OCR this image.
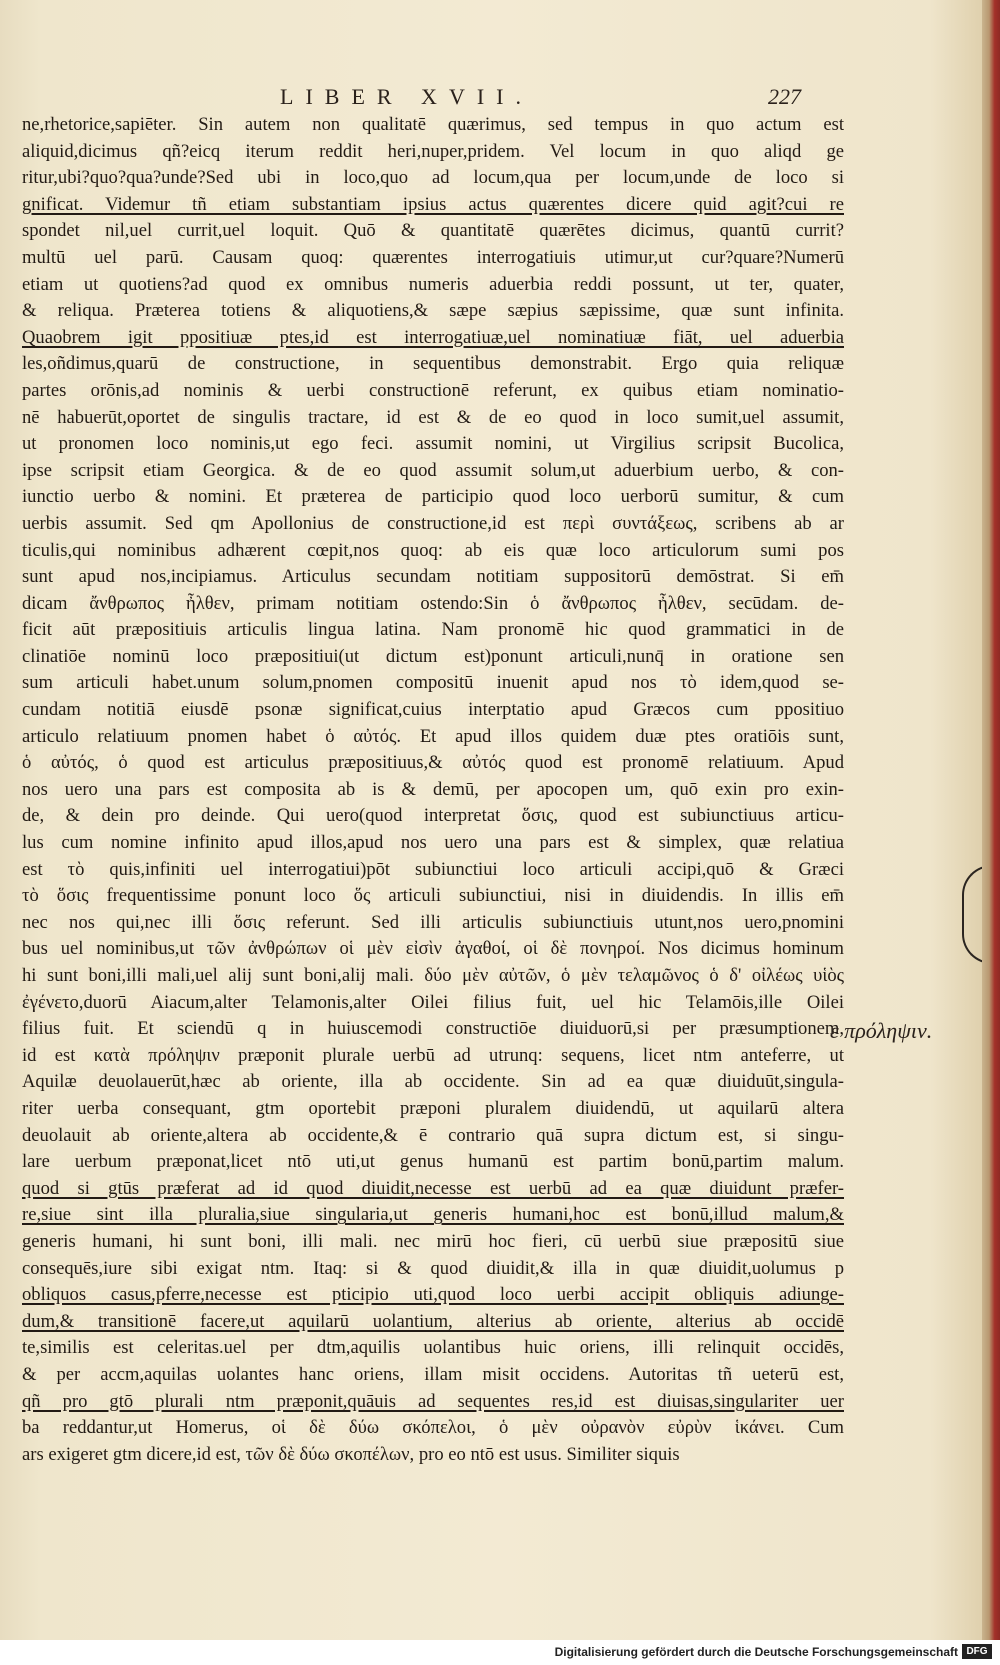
LIBER XVII.	227
ne,rhetorice,sapiēter. Sin autem non qualitatē quærimus, sed tempus in quo actum est
aliquid,dicimus qñ?eicq iterum reddit heri,nuper,pridem. Vel locum in quo aliqd ge
ritur,ubi?quo?qua?unde?Sed ubi in loco,quo ad locum,qua per locum,unde de loco si
gnificat. Videmur tñ etiam substantiam ipsius actus quærentes dicere quid agit?cui re
spondet nil,uel currit,uel loquit. Quō & quantitatē quærētes dicimus, quantū currit?
multū uel parū. Causam quoq: quærentes interrogatiuis utimur,ut cur?quare?Numerū
etiam ut quotiens?ad quod ex omnibus numeris aduerbia reddi possunt, ut ter, quater,
& reliqua. Præterea totiens & aliquotiens,& sæpe sæpius sæpissime, quæ sunt infinita.
Quaobrem igit ppositiuæ ptes,id est interrogatiuæ,uel nominatiuæ fiāt, uel aduerbia
les,oñdimus,quarū de constructione, in sequentibus demonstrabit. Ergo quia reliquæ
partes orōnis,ad nominis & uerbi constructionē referunt, ex quibus etiam nominatio-
nē habuerūt,oportet de singulis tractare, id est & de eo quod in loco sumit,uel assumit,
ut pronomen loco nominis,ut ego feci. assumit nomini, ut Virgilius scripsit Bucolica,
ipse scripsit etiam Georgica. & de eo quod assumit solum,ut aduerbium uerbo, & con-
iunctio uerbo & nomini. Et præterea de participio quod loco uerborū sumitur, & cum
uerbis assumit. Sed qm Apollonius de constructione,id est περὶ συντάξεως, scribens ab ar
ticulis,qui nominibus adhærent cœpit,nos quoq: ab eis quæ loco articulorum sumi pos
sunt apud nos,incipiamus. Articulus secundam notitiam suppositorū demōstrat. Si em̄
dicam ἄνθρωπος ἦλθεν, primam notitiam ostendo:Sin ὁ ἄνθρωπος ἦλθεν, secūdam. de-
ficit aūt præpositiuis articulis lingua latina. Nam pronomē hic quod grammatici in de
clinatiōe nominū loco præpositiui(ut dictum est)ponunt articuli,nunq̄ in oratione sen
sum articuli habet.unum solum,pnomen compositū inuenit apud nos τὸ idem,quod se-
cundam notitiā eiusdē psonæ significat,cuius interptatio apud Græcos cum ppositiuo
articulo relatiuum pnomen habet ὁ αὐτός. Et apud illos quidem duæ ptes oratiōis sunt,
ὁ αὐτός, ὁ quod est articulus præpositiuus,& αὐτός quod est pronomē relatiuum. Apud
nos uero una pars est composita ab is & demū, per apocopen um, quō exin pro exin-
de, & dein pro deinde. Qui uero(quod interpretat ὅσις, quod est subiunctiuus articu-
lus cum nomine infinito apud illos,apud nos uero una pars est & simplex, quæ relatiua
est τὸ quis,infiniti uel interrogatiui)pōt subiunctiui loco articuli accipi,quō & Græci
τὸ ὅσις frequentissime ponunt loco ὅς articuli subiunctiui, nisi in diuidendis. In illis em̄
nec nos qui,nec illi ὅσις referunt. Sed illi articulis subiunctiuis utunt,nos uero,pnomini
bus uel nominibus,ut τῶν ἀνθρώπων οἱ μὲν εἰσὶν ἀγαθοί, οἱ δὲ πονηροί. Nos dicimus hominum
hi sunt boni,illi mali,uel alij sunt boni,alij mali. δύο μὲν αὐτῶν, ὁ μὲν τελαμῶνος ὁ δ' οἰλέως υἱὸς
ἐγένετο,duorū Aiacum,alter Telamonis,alter Oilei filius fuit, uel hic Telamōis,ille Oilei
filius fuit. Et sciendū q in huiuscemodi constructiōe diuiduorū,si per præsumptionem,
id est κατὰ πρόληψιν præponit plurale uerbū ad utrunq: sequens, licet ntm anteferre, ut
Aquilæ deuolauerūt,hæc ab oriente, illa ab occidente. Sin ad ea quæ diuiduūt,singula-
riter uerba consequant, gtm oportebit præponi pluralem diuidendū, ut aquilarū altera
deuolauit ab oriente,altera ab occidente,& ē contrario quā supra dictum est, si singu-
lare uerbum præponat,licet ntō uti,ut genus humanū est partim bonū,partim malum.
quod si gtūs præferat ad id quod diuidit,necesse est uerbū ad ea quæ diuidunt præfer-
re,siue sint illa pluralia,siue singularia,ut generis humani,hoc est bonū,illud malum,&
generis humani, hi sunt boni, illi mali. nec mirū hoc fieri, cū uerbū siue præpositū siue
consequēs,iure sibi exigat ntm. Itaq: si & quod diuidit,& illa in quæ diuidit,uolumus p
obliquos casus,pferre,necesse est pticipio uti,quod loco uerbi accipit obliquis adiunge-
dum,& transitionē facere,ut aquilarū uolantium, alterius ab oriente, alterius ab occidē
te,similis est celeritas.uel per dtm,aquilis uolantibus huic oriens, illi relinquit occidēs,
& per accm,aquilas uolantes hanc oriens, illam misit occidens. Autoritas tñ ueterū est,
qñ pro gtō plurali ntm præponit,quāuis ad sequentes res,id est diuisas,singulariter uer
ba reddantur,ut Homerus, οἱ δὲ δύω σκόπελοι, ὁ μὲν οὐρανὸν εὐρὺν ἱκάνει. Cum
ars exigeret gtm dicere,id est, τῶν δὲ δύω σκοπέλων, pro eo ntō est usus. Similiter siquis
ε πρόληψιν.
Digitalisierung gefördert durch die Deutsche Forschungsgemeinschaft DFG
